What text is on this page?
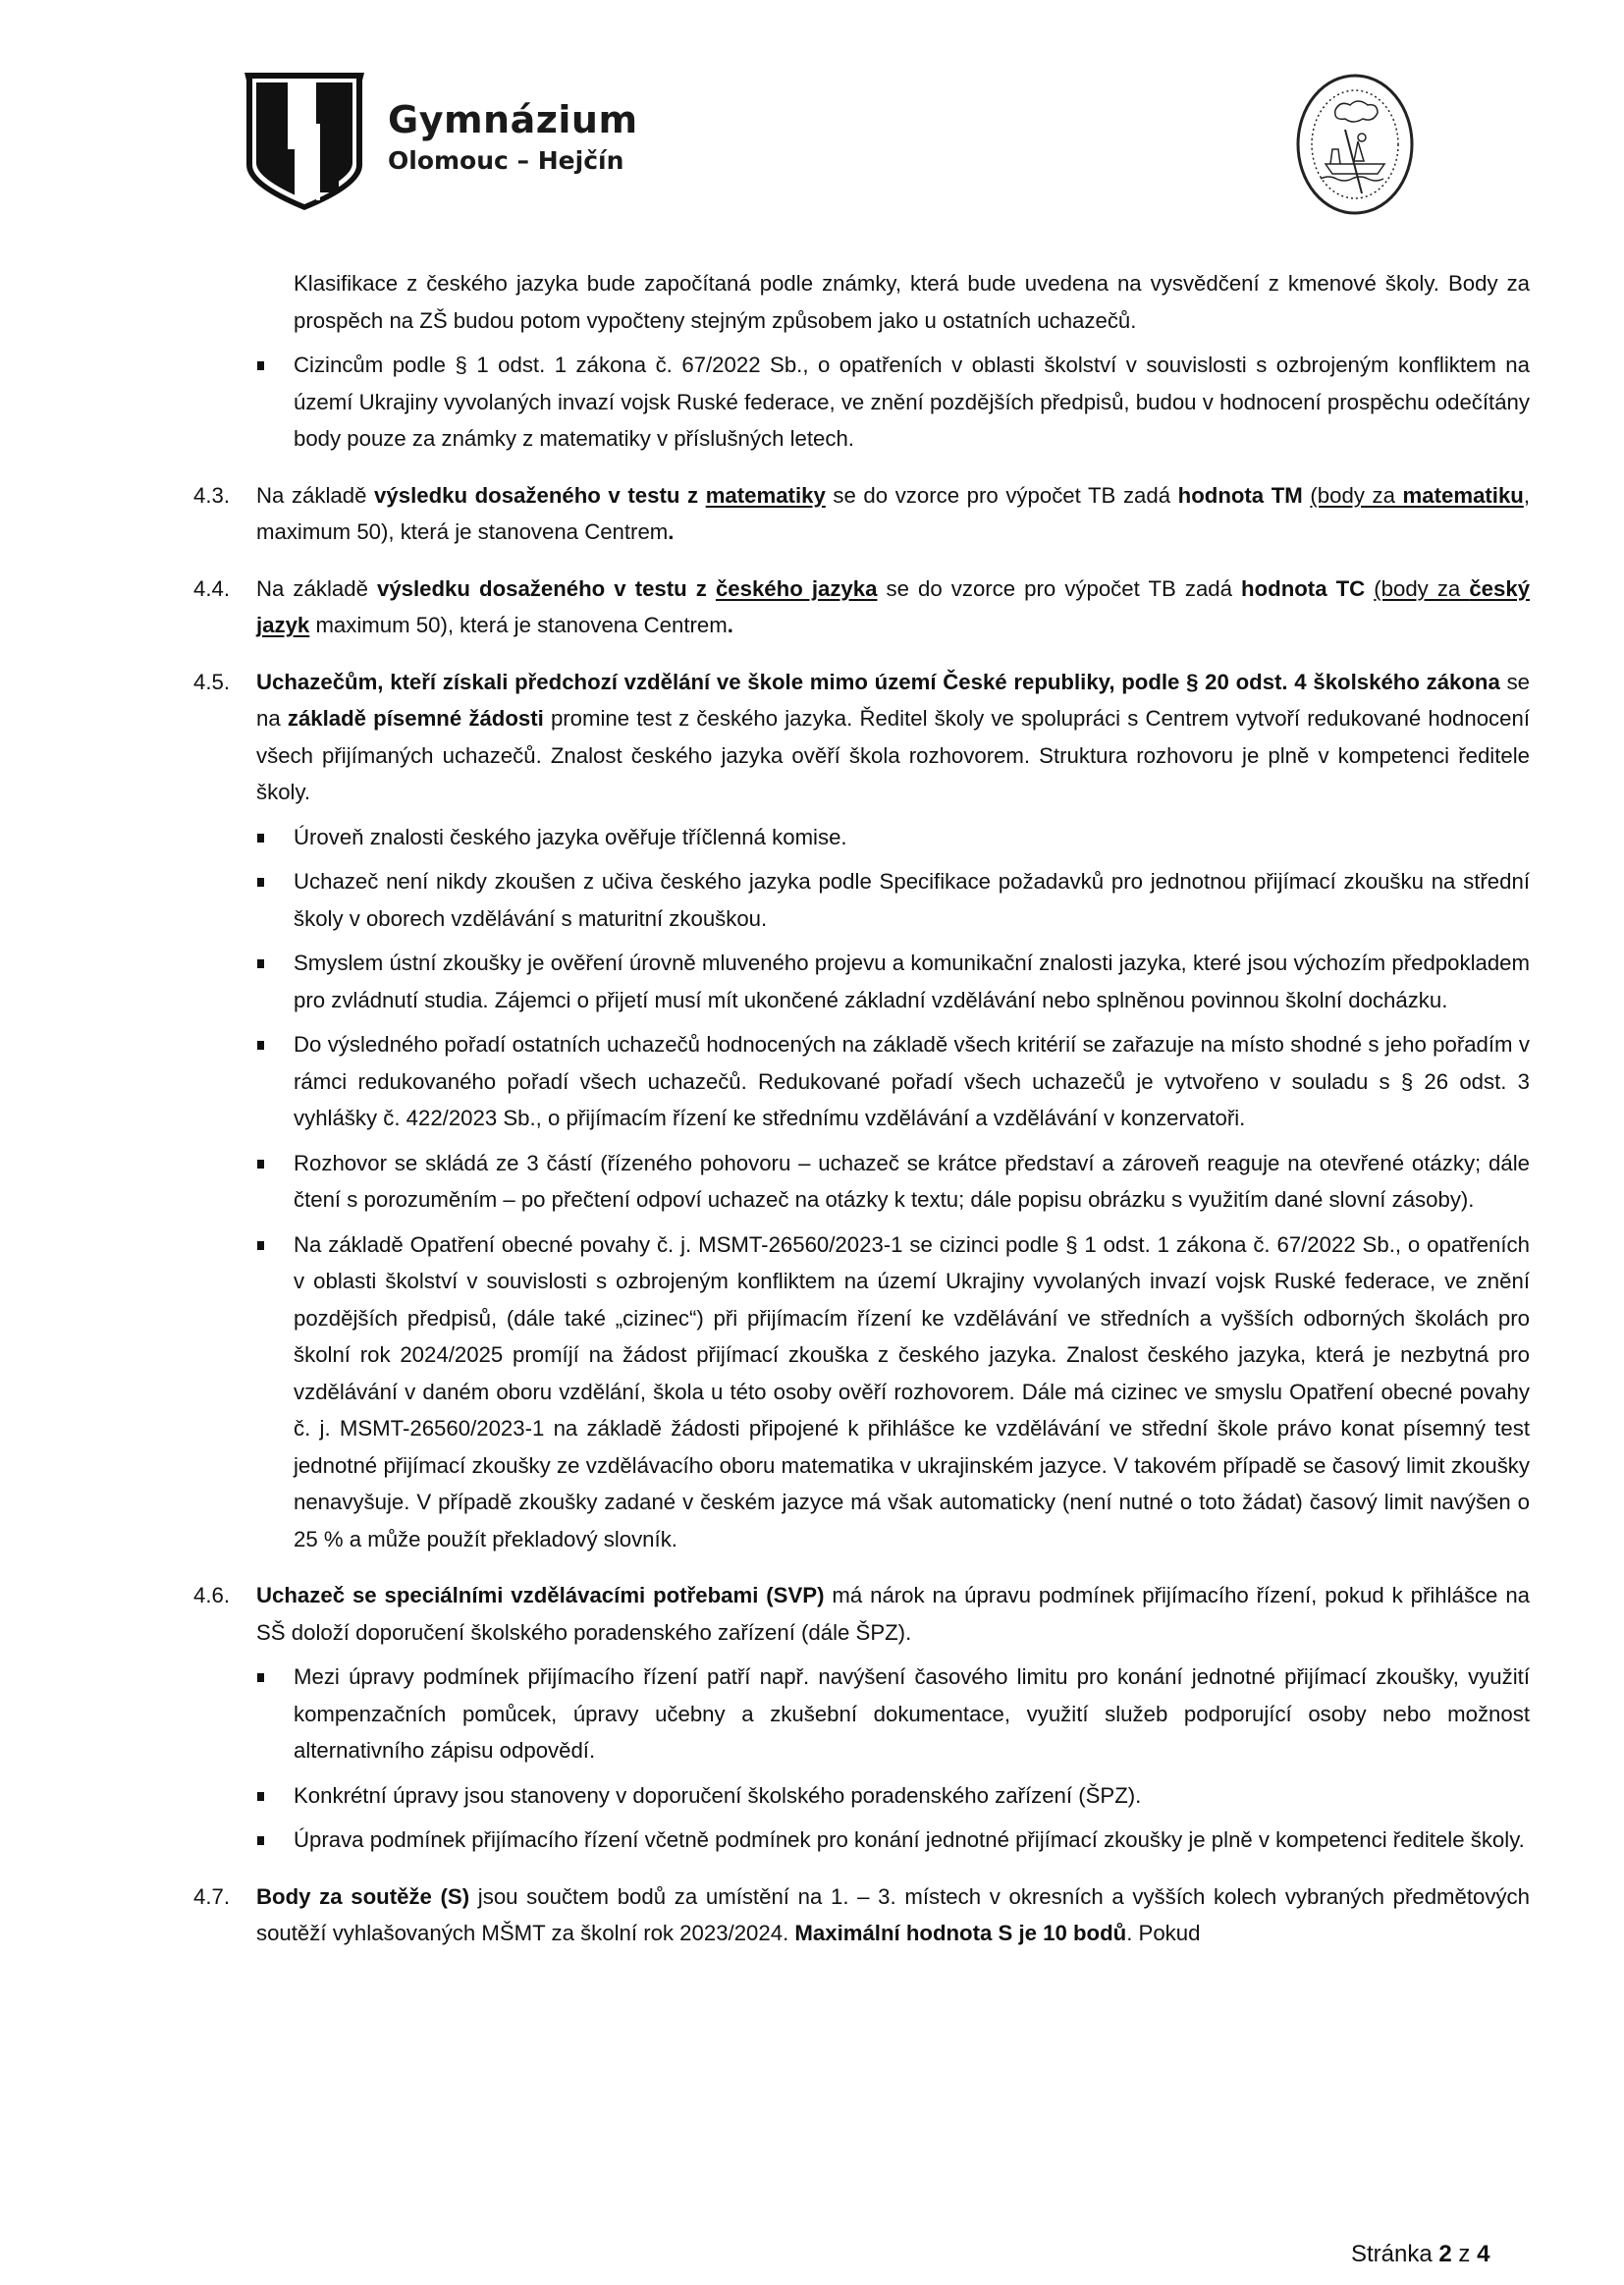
Gymnázium
Olomouc – Hejčín

Klasifikace z českého jazyka bude započítaná podle známky, která bude uvedena na vysvědčení z kmenové školy. Body za prospěch na ZŠ budou potom vypočteny stejným způsobem jako u ostatních uchazečů.

Cizincům podle § 1 odst. 1 zákona č. 67/2022 Sb., o opatřeních v oblasti školství v souvislosti s ozbrojeným konfliktem na území Ukrajiny vyvolaných invazí vojsk Ruské federace, ve znění pozdějších předpisů, budou v hodnocení prospěchu odečítány body pouze za známky z matematiky v příslušných letech.

4.3. Na základě výsledku dosaženého v testu z matematiky se do vzorce pro výpočet TB zadá hodnota TM (body za matematiku, maximum 50), která je stanovena Centrem.

4.4. Na základě výsledku dosaženého v testu z českého jazyka se do vzorce pro výpočet TB zadá hodnota TC (body za český jazyk maximum 50), která je stanovena Centrem.

4.5. Uchazečům, kteří získali předchozí vzdělání ve škole mimo území České republiky, podle § 20 odst. 4 školského zákona se na základě písemné žádosti promine test z českého jazyka. Ředitel školy ve spolupráci s Centrem vytvoří redukované hodnocení všech přijímaných uchazečů. Znalost českého jazyka ověří škola rozhovorem. Struktura rozhovoru je plně v kompetenci ředitele školy.

Úroveň znalosti českého jazyka ověřuje tříčlenná komise.

Uchazeč není nikdy zkoušen z učiva českého jazyka podle Specifikace požadavků pro jednotnou přijímací zkoušku na střední školy v oborech vzdělávání s maturitní zkouškou.

Smyslem ústní zkoušky je ověření úrovně mluveného projevu a komunikační znalosti jazyka, které jsou výchozím předpokladem pro zvládnutí studia. Zájemci o přijetí musí mít ukončené základní vzdělávání nebo splněnou povinnou školní docházku.

Do výsledného pořadí ostatních uchazečů hodnocených na základě všech kritérií se zařazuje na místo shodné s jeho pořadím v rámci redukovaného pořadí všech uchazečů. Redukované pořadí všech uchazečů je vytvořeno v souladu s § 26 odst. 3 vyhlášky č. 422/2023 Sb., o přijímacím řízení ke střednímu vzdělávání a vzdělávání v konzervatoři.

Rozhovor se skládá ze 3 částí (řízeného pohovoru – uchazeč se krátce představí a zároveň reaguje na otevřené otázky; dále čtení s porozuměním – po přečtení odpoví uchazeč na otázky k textu; dále popisu obrázku s využitím dané slovní zásoby).

Na základě Opatření obecné povahy č. j. MSMT-26560/2023-1 se cizinci podle § 1 odst. 1 zákona č. 67/2022 Sb., o opatřeních v oblasti školství v souvislosti s ozbrojeným konfliktem na území Ukrajiny vyvolaných invazí vojsk Ruské federace, ve znění pozdějších předpisů, (dále také „cizinec“) při přijímacím řízení ke vzdělávání ve středních a vyšších odborných školách pro školní rok 2024/2025 promíjí na žádost přijímací zkouška z českého jazyka. Znalost českého jazyka, která je nezbytná pro vzdělávání v daném oboru vzdělání, škola u této osoby ověří rozhovorem. Dále má cizinec ve smyslu Opatření obecné povahy č. j. MSMT-26560/2023-1 na základě žádosti připojené k přihlášce ke vzdělávání ve střední škole právo konat písemný test jednotné přijímací zkoušky ze vzdělávacího oboru matematika v ukrajinském jazyce. V takovém případě se časový limit zkoušky nenavyšuje. V případě zkoušky zadané v českém jazyce má však automaticky (není nutné o toto žádat) časový limit navýšen o 25 % a může použít překladový slovník.

4.6. Uchazeč se speciálními vzdělávacími potřebami (SVP) má nárok na úpravu podmínek přijímacího řízení, pokud k přihlášce na SŠ doloží doporučení školského poradenského zařízení (dále ŠPZ).

Mezi úpravy podmínek přijímacího řízení patří např. navýšení časového limitu pro konání jednotné přijímací zkoušky, využití kompenzačních pomůcek, úpravy učebny a zkušební dokumentace, využití služeb podporující osoby nebo možnost alternativního zápisu odpovědí.

Konkrétní úpravy jsou stanoveny v doporučení školského poradenského zařízení (ŠPZ).

Úprava podmínek přijímacího řízení včetně podmínek pro konání jednotné přijímací zkoušky je plně v kompetenci ředitele školy.

4.7. Body za soutěže (S) jsou součtem bodů za umístění na 1. – 3. místech v okresních a vyšších kolech vybraných předmětových soutěží vyhlašovaných MŠMT za školní rok 2023/2024. Maximální hodnota S je 10 bodů. Pokud

Stránka 2 z 4
